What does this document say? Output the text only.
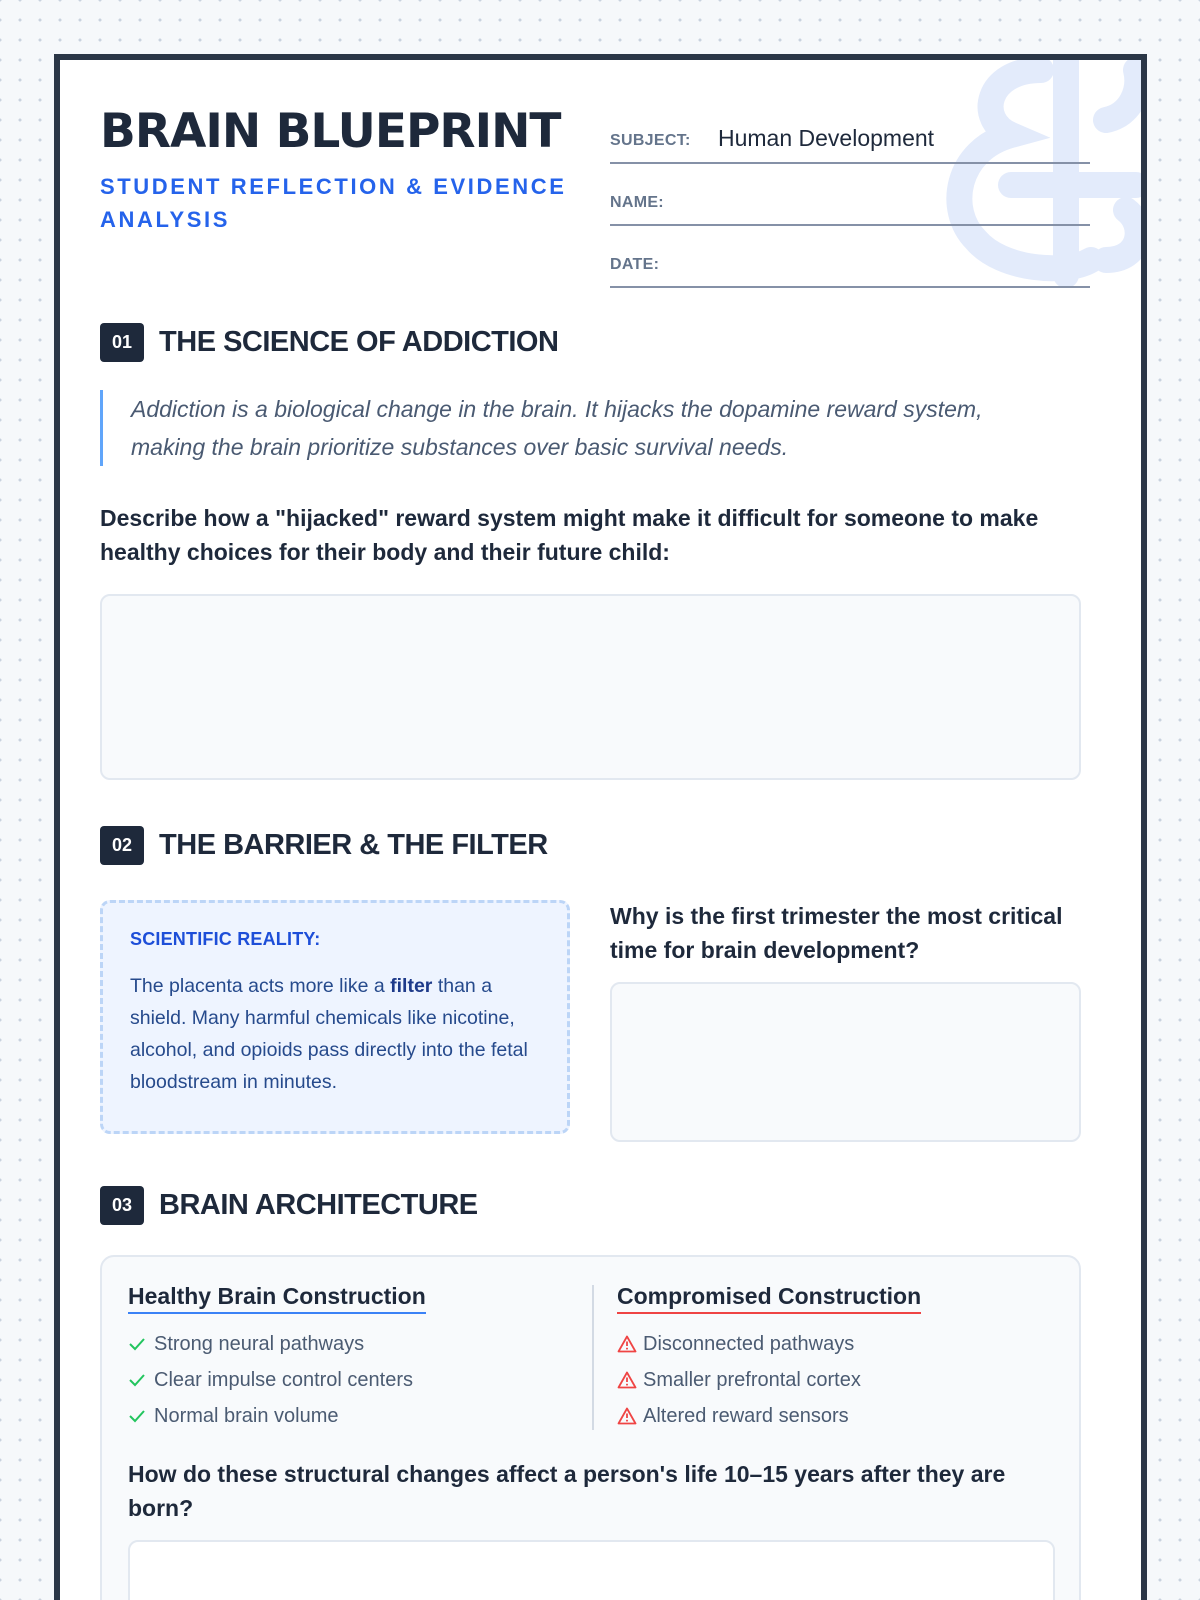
BRAIN BLUEPRINT
STUDENT REFLECTION & EVIDENCE ANALYSIS
SUBJECT: Human Development
NAME:
DATE:
01 THE SCIENCE OF ADDICTION
Addiction is a biological change in the brain. It hijacks the dopamine reward system, making the brain prioritize substances over basic survival needs.
Describe how a "hijacked" reward system might make it difficult for someone to make healthy choices for their body and their future child:
02 THE BARRIER & THE FILTER
SCIENTIFIC REALITY:
The placenta acts more like a filter than a shield. Many harmful chemicals like nicotine, alcohol, and opioids pass directly into the fetal bloodstream in minutes.
Why is the first trimester the most critical time for brain development?
03 BRAIN ARCHITECTURE
Healthy Brain Construction
Strong neural pathways
Clear impulse control centers
Normal brain volume
Compromised Construction
Disconnected pathways
Smaller prefrontal cortex
Altered reward sensors
How do these structural changes affect a person's life 10–15 years after they are born?
